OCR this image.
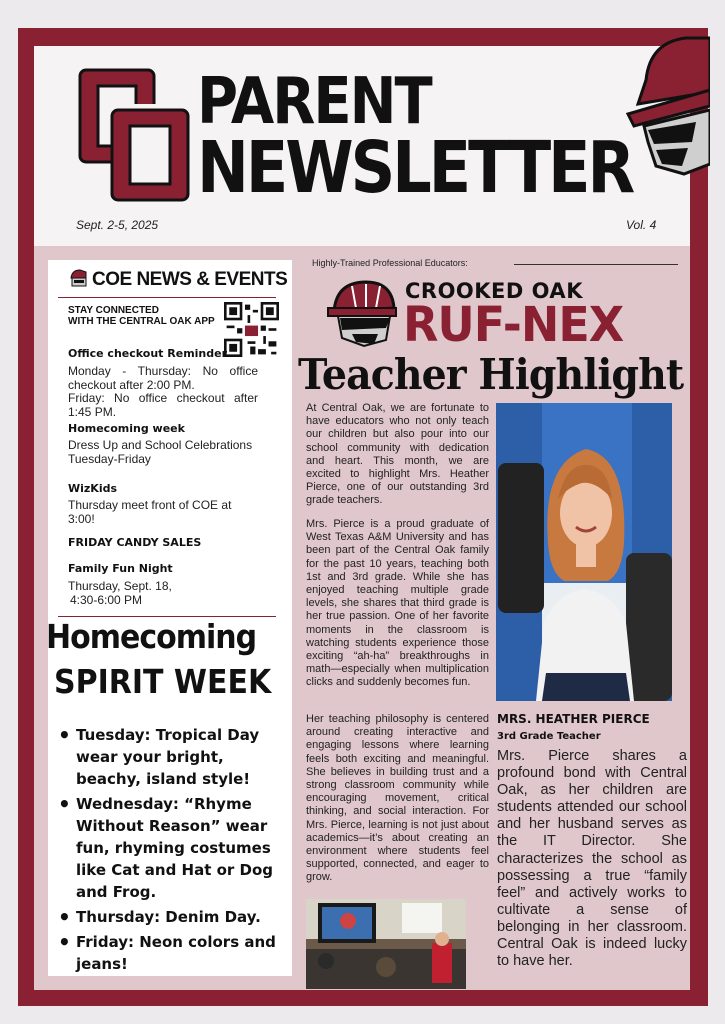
PARENT
NEWSLETTER
Sept. 2-5, 2025	Vol. 4
COE NEWS & EVENTS
STAY CONNECTED
WITH THE CENTRAL OAK APP
Office checkout Reminder
Monday - Thursday: No office checkout after 2:00 PM.
Friday: No office checkout after 1:45 PM.
Homecoming week
Dress Up and School Celebrations Tuesday-Friday
WizKids
Thursday meet front of COE at 3:00!
FRIDAY CANDY SALES
Family Fun Night
Thursday, Sept. 18,
4:30-6:00 PM
Homecoming
SPIRIT WEEK
• Tuesday: Tropical Day wear your bright, beachy, island style!
• Wednesday: “Rhyme Without Reason” wear fun, rhyming costumes like Cat and Hat or Dog and Frog.
• Thursday: Denim Day.
• Friday: Neon colors and jeans!
Highly-Trained Professional Educators:
CROOKED OAK
RUF-NEX
Teacher Highlight
At Central Oak, we are fortunate to have educators who not only teach our children but also pour into our school community with dedication and heart. This month, we are excited to highlight Mrs. Heather Pierce, one of our outstanding 3rd grade teachers.
Mrs. Pierce is a proud graduate of West Texas A&M University and has been part of the Central Oak family for the past 10 years, teaching both 1st and 3rd grade. While she has enjoyed teaching multiple grade levels, she shares that third grade is her true passion. One of her favorite moments in the classroom is watching students experience those exciting “ah-ha” breakthroughs in math—especially when multiplication clicks and suddenly becomes fun.
Her teaching philosophy is centered around creating interactive and engaging lessons where learning feels both exciting and meaningful. She believes in building trust and a strong classroom community while encouraging movement, critical thinking, and social interaction. For Mrs. Pierce, learning is not just about academics—it’s about creating an environment where students feel supported, connected, and eager to grow.
MRS. HEATHER PIERCE
3rd Grade Teacher
Mrs. Pierce shares a profound bond with Central Oak, as her children are students attended our school and her husband serves as the IT Director. She characterizes the school as possessing a true “family feel” and actively works to cultivate a sense of belonging in her classroom. Central Oak is indeed lucky to have her.
